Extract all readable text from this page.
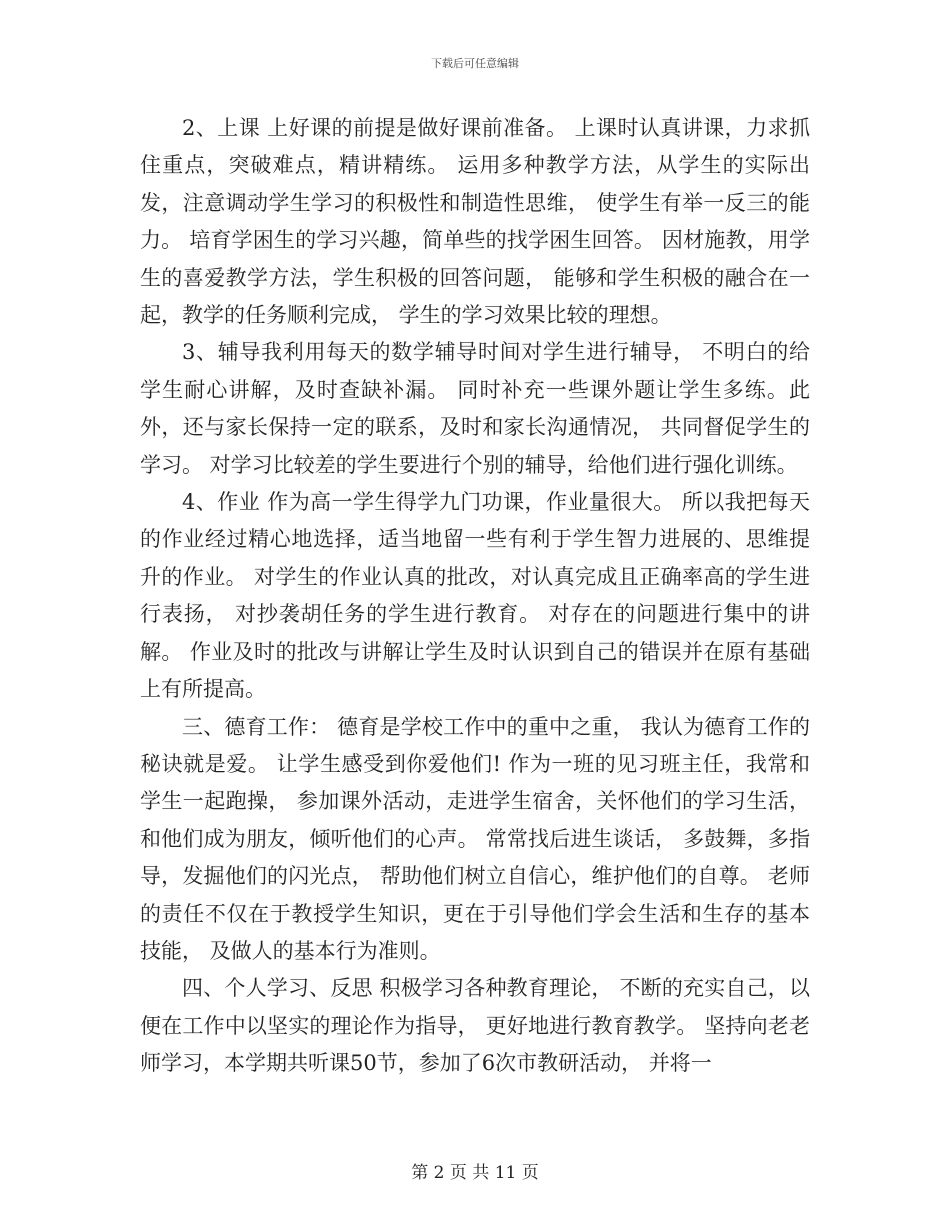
下载后可任意编辑

2、上课 上好课的前提是做好课前准备。 上课时认真讲课，力求抓住重点，突破难点，精讲精练。 运用多种教学方法，从学生的实际出发，注意调动学生学习的积极性和制造性思维， 使学生有举一反三的能力。 培育学困生的学习兴趣，简单些的找学困生回答。 因材施教，用学生的喜爱教学方法，学生积极的回答问题， 能够和学生积极的融合在一起，教学的任务顺利完成， 学生的学习效果比较的理想。

3、辅导我利用每天的数学辅导时间对学生进行辅导， 不明白的给学生耐心讲解，及时查缺补漏。 同时补充一些课外题让学生多练。此外，还与家长保持一定的联系，及时和家长沟通情况， 共同督促学生的学习。 对学习比较差的学生要进行个别的辅导，给他们进行强化训练。

4、作业 作为高一学生得学九门功课，作业量很大。 所以我把每天的作业经过精心地选择，适当地留一些有利于学生智力进展的、思维提升的作业。 对学生的作业认真的批改，对认真完成且正确率高的学生进行表扬， 对抄袭胡任务的学生进行教育。 对存在的问题进行集中的讲解。 作业及时的批改与讲解让学生及时认识到自己的错误并在原有基础上有所提高。

三、德育工作： 德育是学校工作中的重中之重， 我认为德育工作的秘诀就是爱。 让学生感受到你爱他们! 作为一班的见习班主任，我常和学生一起跑操， 参加课外活动，走进学生宿舍，关怀他们的学习生活， 和他们成为朋友，倾听他们的心声。 常常找后进生谈话， 多鼓舞，多指导，发掘他们的闪光点， 帮助他们树立自信心，维护他们的自尊。 老师的责任不仅在于教授学生知识，更在于引导他们学会生活和生存的基本技能， 及做人的基本行为准则。

四、个人学习、反思 积极学习各种教育理论， 不断的充实自己，以便在工作中以坚实的理论作为指导， 更好地进行教育教学。 坚持向老老师学习，本学期共听课50节，参加了6次市教研活动， 并将一

第 2 页 共 11 页
